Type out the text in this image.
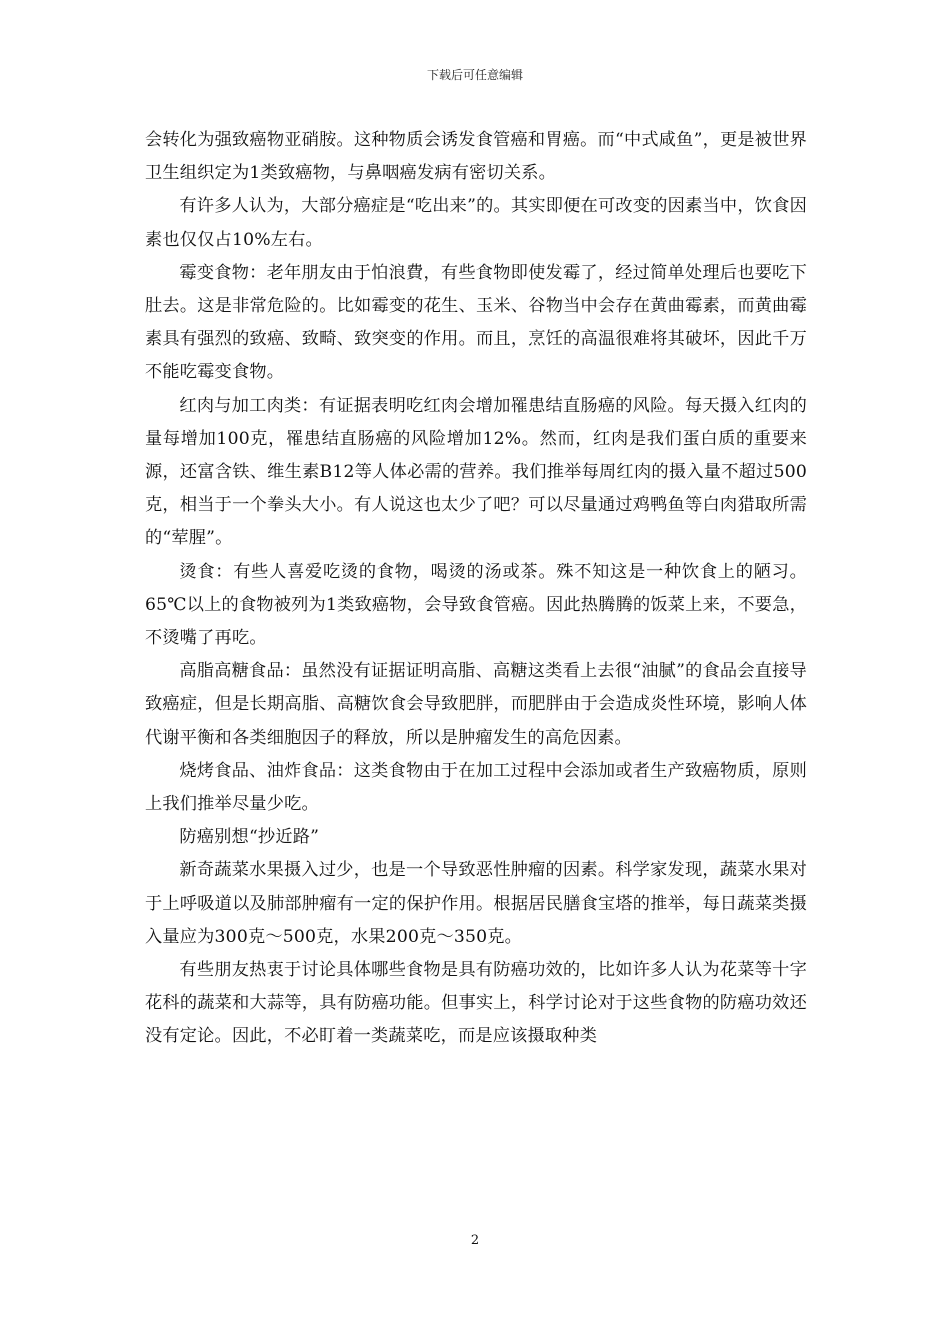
下载后可任意编辑

会转化为强致癌物亚硝胺。这种物质会诱发食管癌和胃癌。而“中式咸鱼”，更是被世界卫生组织定为1类致癌物，与鼻咽癌发病有密切关系。

有许多人认为，大部分癌症是“吃出来”的。其实即便在可改变的因素当中，饮食因素也仅仅占10%左右。

霉变食物：老年朋友由于怕浪費，有些食物即使发霉了，经过简单处理后也要吃下肚去。这是非常危险的。比如霉变的花生、玉米、谷物当中会存在黄曲霉素，而黄曲霉素具有强烈的致癌、致畸、致突变的作用。而且，烹饪的高温很难将其破坏，因此千万不能吃霉变食物。

红肉与加工肉类：有证据表明吃红肉会增加罹患结直肠癌的风险。每天摄入红肉的量每增加100克，罹患结直肠癌的风险增加12%。然而，红肉是我们蛋白质的重要来源，还富含铁、维生素B12等人体必需的营养。我们推举每周红肉的摄入量不超过500克，相当于一个拳头大小。有人说这也太少了吧？可以尽量通过鸡鸭鱼等白肉猎取所需的“荤腥”。

烫食：有些人喜爱吃烫的食物，喝烫的汤或茶。殊不知这是一种饮食上的陋习。65℃以上的食物被列为1类致癌物，会导致食管癌。因此热腾腾的饭菜上来，不要急，不烫嘴了再吃。

高脂高糖食品：虽然没有证据证明高脂、高糖这类看上去很“油腻”的食品会直接导致癌症，但是长期高脂、高糖饮食会导致肥胖，而肥胖由于会造成炎性环境，影响人体代谢平衡和各类细胞因子的释放，所以是肿瘤发生的高危因素。

烧烤食品、油炸食品：这类食物由于在加工过程中会添加或者生产致癌物质，原则上我们推举尽量少吃。

防癌别想“抄近路”

新奇蔬菜水果摄入过少，也是一个导致恶性肿瘤的因素。科学家发现，蔬菜水果对于上呼吸道以及肺部肿瘤有一定的保护作用。根据居民膳食宝塔的推举，每日蔬菜类摄入量应为300克～500克，水果200克～350克。

有些朋友热衷于讨论具体哪些食物是具有防癌功效的，比如许多人认为花菜等十字花科的蔬菜和大蒜等，具有防癌功能。但事实上，科学讨论对于这些食物的防癌功效还没有定论。因此，不必盯着一类蔬菜吃，而是应该摄取种类

2
